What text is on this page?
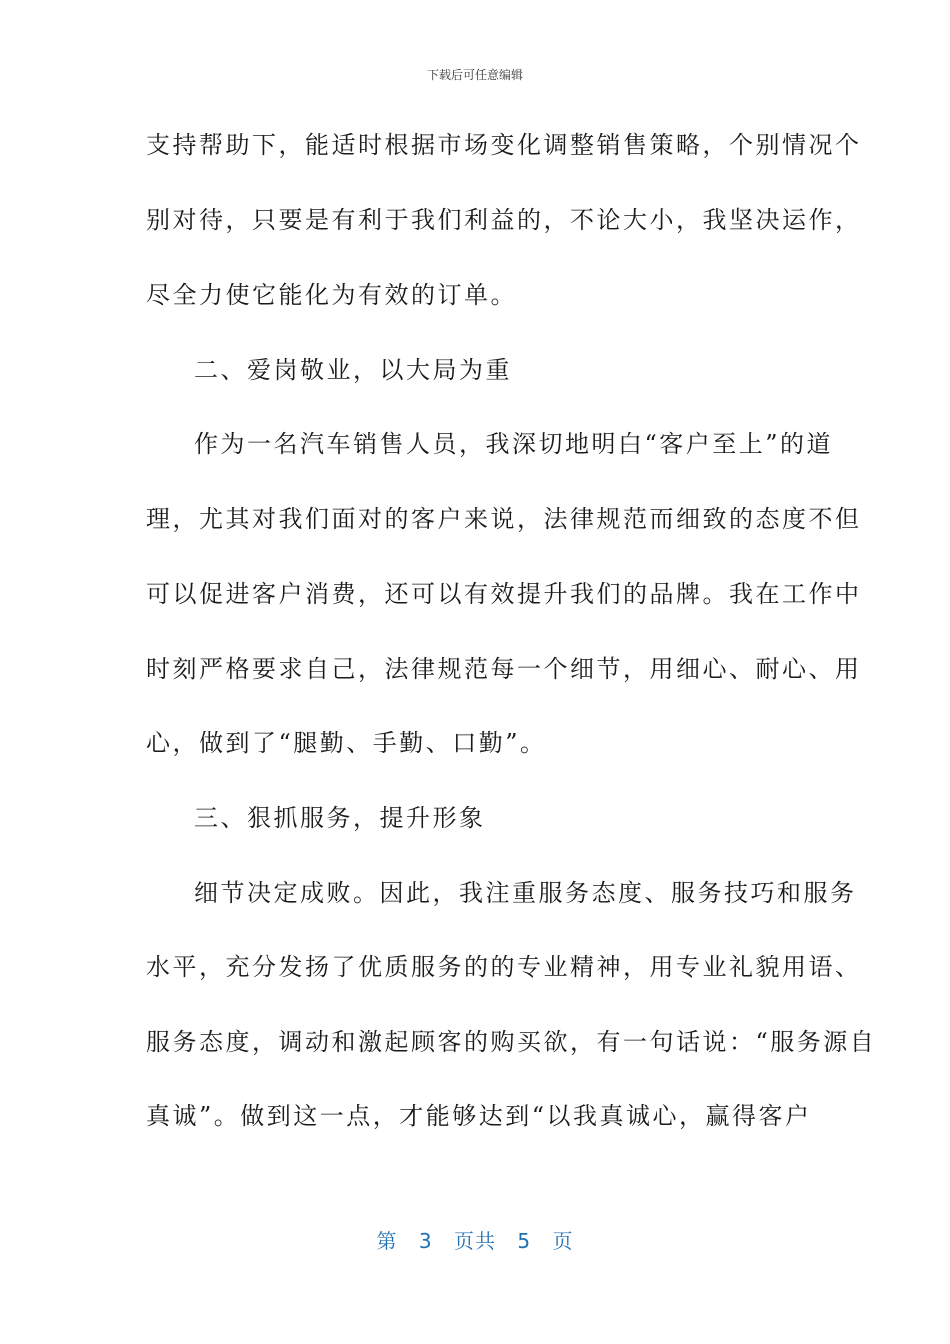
下载后可任意编辑
支持帮助下，能适时根据市场变化调整销售策略，个别情况个
别对待，只要是有利于我们利益的，不论大小，我坚决运作，
尽全力使它能化为有效的订单。
二、爱岗敬业，以大局为重
作为一名汽车销售人员，我深切地明白“客户至上”的道
理，尤其对我们面对的客户来说，法律规范而细致的态度不但
可以促进客户消费，还可以有效提升我们的品牌。我在工作中
时刻严格要求自己，法律规范每一个细节，用细心、耐心、用
心，做到了“腿勤、手勤、口勤”。
三、狠抓服务，提升形象
细节决定成败。因此，我注重服务态度、服务技巧和服务
水平，充分发扬了优质服务的的专业精神，用专业礼貌用语、
服务态度，调动和激起顾客的购买欲，有一句话说：“服务源自
真诚”。做到这一点，才能够达到“以我真诚心，赢得客户
第 3 页共 5 页
